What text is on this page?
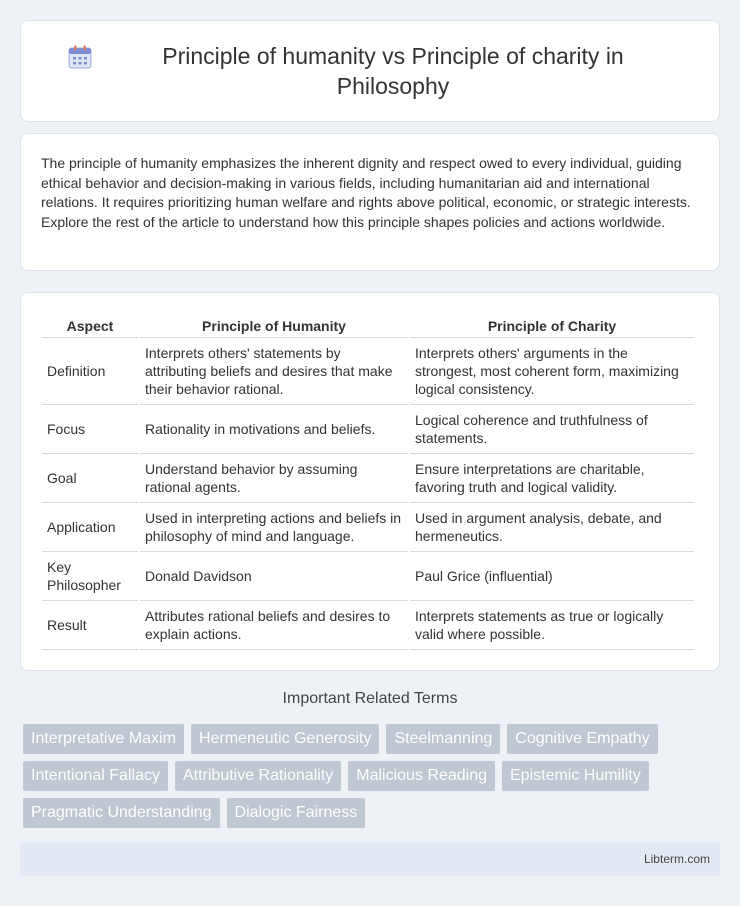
Principle of humanity vs Principle of charity in Philosophy

The principle of humanity emphasizes the inherent dignity and respect owed to every individual, guiding ethical behavior and decision-making in various fields, including humanitarian aid and international relations. It requires prioritizing human welfare and rights above political, economic, or strategic interests. Explore the rest of the article to understand how this principle shapes policies and actions worldwide.

Aspect	Principle of Humanity	Principle of Charity
Definition	Interprets others' statements by attributing beliefs and desires that make their behavior rational.	Interprets others' arguments in the strongest, most coherent form, maximizing logical consistency.
Focus	Rationality in motivations and beliefs.	Logical coherence and truthfulness of statements.
Goal	Understand behavior by assuming rational agents.	Ensure interpretations are charitable, favoring truth and logical validity.
Application	Used in interpreting actions and beliefs in philosophy of mind and language.	Used in argument analysis, debate, and hermeneutics.
Key Philosopher	Donald Davidson	Paul Grice (influential)
Result	Attributes rational beliefs and desires to explain actions.	Interprets statements as true or logically valid where possible.
Important Related Terms
Interpretative Maxim	Hermeneutic Generosity	Steelmanning	Cognitive Empathy
Intentional Fallacy	Attributive Rationality	Malicious Reading	Epistemic Humility
Pragmatic Understanding	Dialogic Fairness
Libterm.com
